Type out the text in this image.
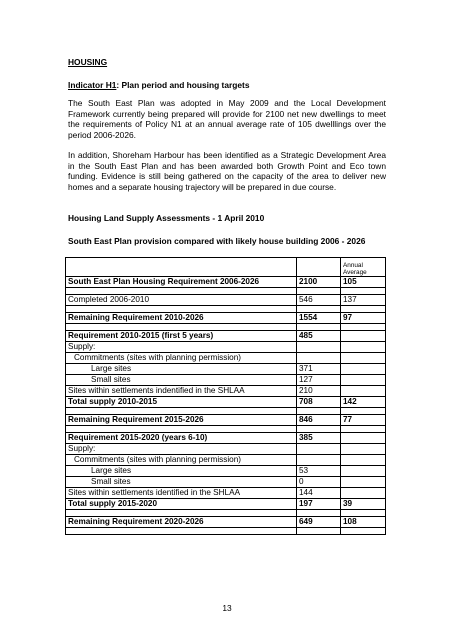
HOUSING
Indicator H1: Plan period and housing targets
The South East Plan was adopted in May 2009 and the Local Development Framework currently being prepared will provide for 2100 net new dwellings to meet the requirements of Policy N1 at an annual average rate of 105 dwelllings over the period 2006-2026.
In addition, Shoreham Harbour has been identified as a Strategic Development Area in the South East Plan and has been awarded both Growth Point and Eco town funding. Evidence is still being gathered on the capacity of the area to deliver new homes and a separate housing trajectory will be prepared in due course.
Housing Land Supply Assessments - 1 April 2010
South East Plan provision compared with likely house building 2006 - 2026

		Annual Average

South East Plan Housing Requirement 2006-2026	2100	105

Completed 2006-2010	546	137

Remaining Requirement 2010-2026	1554	97

Requirement 2010-2015 (first 5 years)	485	
Supply:		
Commitments (sites with planning permission)		
Large sites	371	
Small sites	127	
Sites within settlements indentified in the SHLAA	210	
Total supply 2010-2015	708	142

Remaining Requirement 2015-2026	846	77

Requirement 2015-2020 (years 6-10)	385	
Supply:		
Commitments (sites with planning permission)		
Large sites	53	
Small sites	0	
Sites within settlements identified in the SHLAA	144	
Total supply 2015-2020	197	39

Remaining Requirement 2020-2026	649	108

13
